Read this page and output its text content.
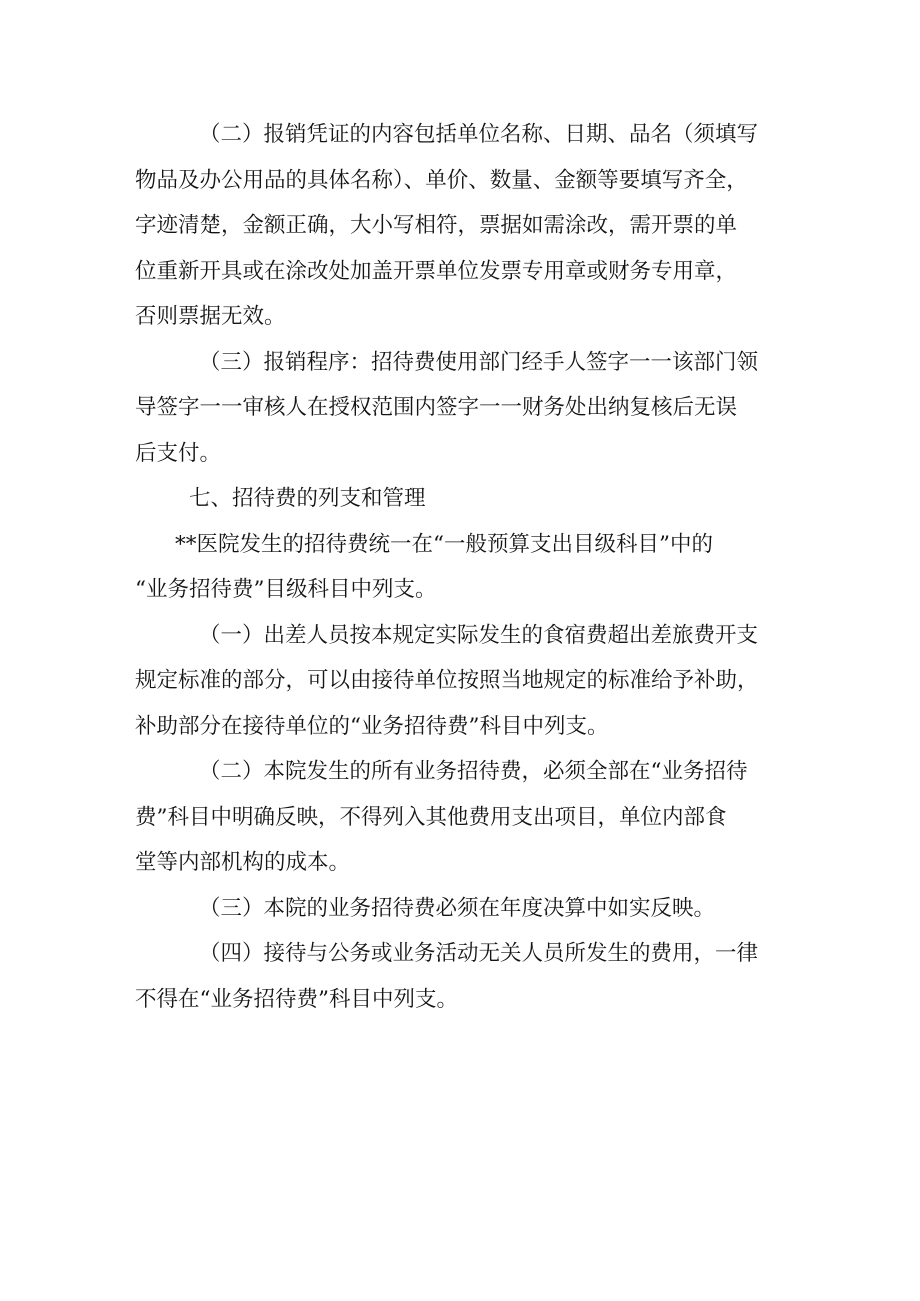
（二）报销凭证的内容包括单位名称、日期、品名（须填写
物品及办公用品的具体名称）、单价、数量、金额等要填写齐全，
字迹清楚，金额正确，大小写相符，票据如需涂改，需开票的单
位重新开具或在涂改处加盖开票单位发票专用章或财务专用章，
否则票据无效。
（三）报销程序：招待费使用部门经手人签字一一该部门领
导签字一一审核人在授权范围内签字一一财务处出纳复核后无误
后支付。
七、招待费的列支和管理
**医院发生的招待费统一在“一般预算支出目级科目”中的
“业务招待费”目级科目中列支。
（一）出差人员按本规定实际发生的食宿费超出差旅费开支
规定标准的部分，可以由接待单位按照当地规定的标准给予补助，
补助部分在接待单位的“业务招待费”科目中列支。
（二）本院发生的所有业务招待费，必须全部在“业务招待
费”科目中明确反映，不得列入其他费用支出项目，单位内部食
堂等内部机构的成本。
（三）本院的业务招待费必须在年度决算中如实反映。
（四）接待与公务或业务活动无关人员所发生的费用，一律
不得在“业务招待费”科目中列支。
